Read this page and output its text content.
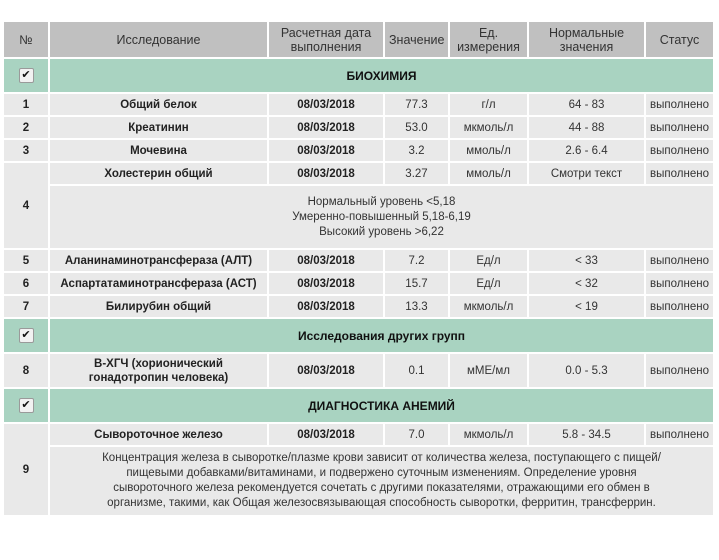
№	Исследование	Расчетная дата выполнения	Значение	Ед. измерения	Нормальные значения	Статус
✔	БИОХИМИЯ					
1	Общий белок	08/03/2018	77.3	г/л	64 - 83	выполнено
2	Креатинин	08/03/2018	53.0	мкмоль/л	44 - 88	выполнено
3	Мочевина	08/03/2018	3.2	ммоль/л	2.6 - 6.4	выполнено
4	Холестерин общий	08/03/2018	3.27	ммоль/л	Смотри текст	выполнено

	Нормальный уровень <5,18
Умеренно-повышенный 5,18-6,19
Высокий уровень >6,22					

5	Аланинаминотрансфераза (АЛТ)	08/03/2018	7.2	Ед/л	< 33	выполнено
6	Аспартатаминотрансфераза (АСТ)	08/03/2018	15.7	Ед/л	< 32	выполнено
7	Билирубин общий	08/03/2018	13.3	мкмоль/л	< 19	выполнено
✔	Исследования других групп					
8	В-ХГЧ (хорионический гонадотропин человека)	08/03/2018	0.1	мМЕ/мл	0.0 - 5.3	выполнено
✔	ДИАГНОСТИКА АНЕМИЙ					
9	Сывороточное железо	08/03/2018	7.0	мкмоль/л	5.8 - 34.5	выполнено

	Концентрация железа в сыворотке/плазме крови зависит от количества железа, поступающего с пищей/пищевыми добавками/витаминами, и подвержено суточным изменениям. Определение уровня сывороточного железа рекомендуется сочетать с другими показателями, отражающими его обмен в организме, такими, как Общая железосвязывающая способность сыворотки, ферритин, трансферрин.					
